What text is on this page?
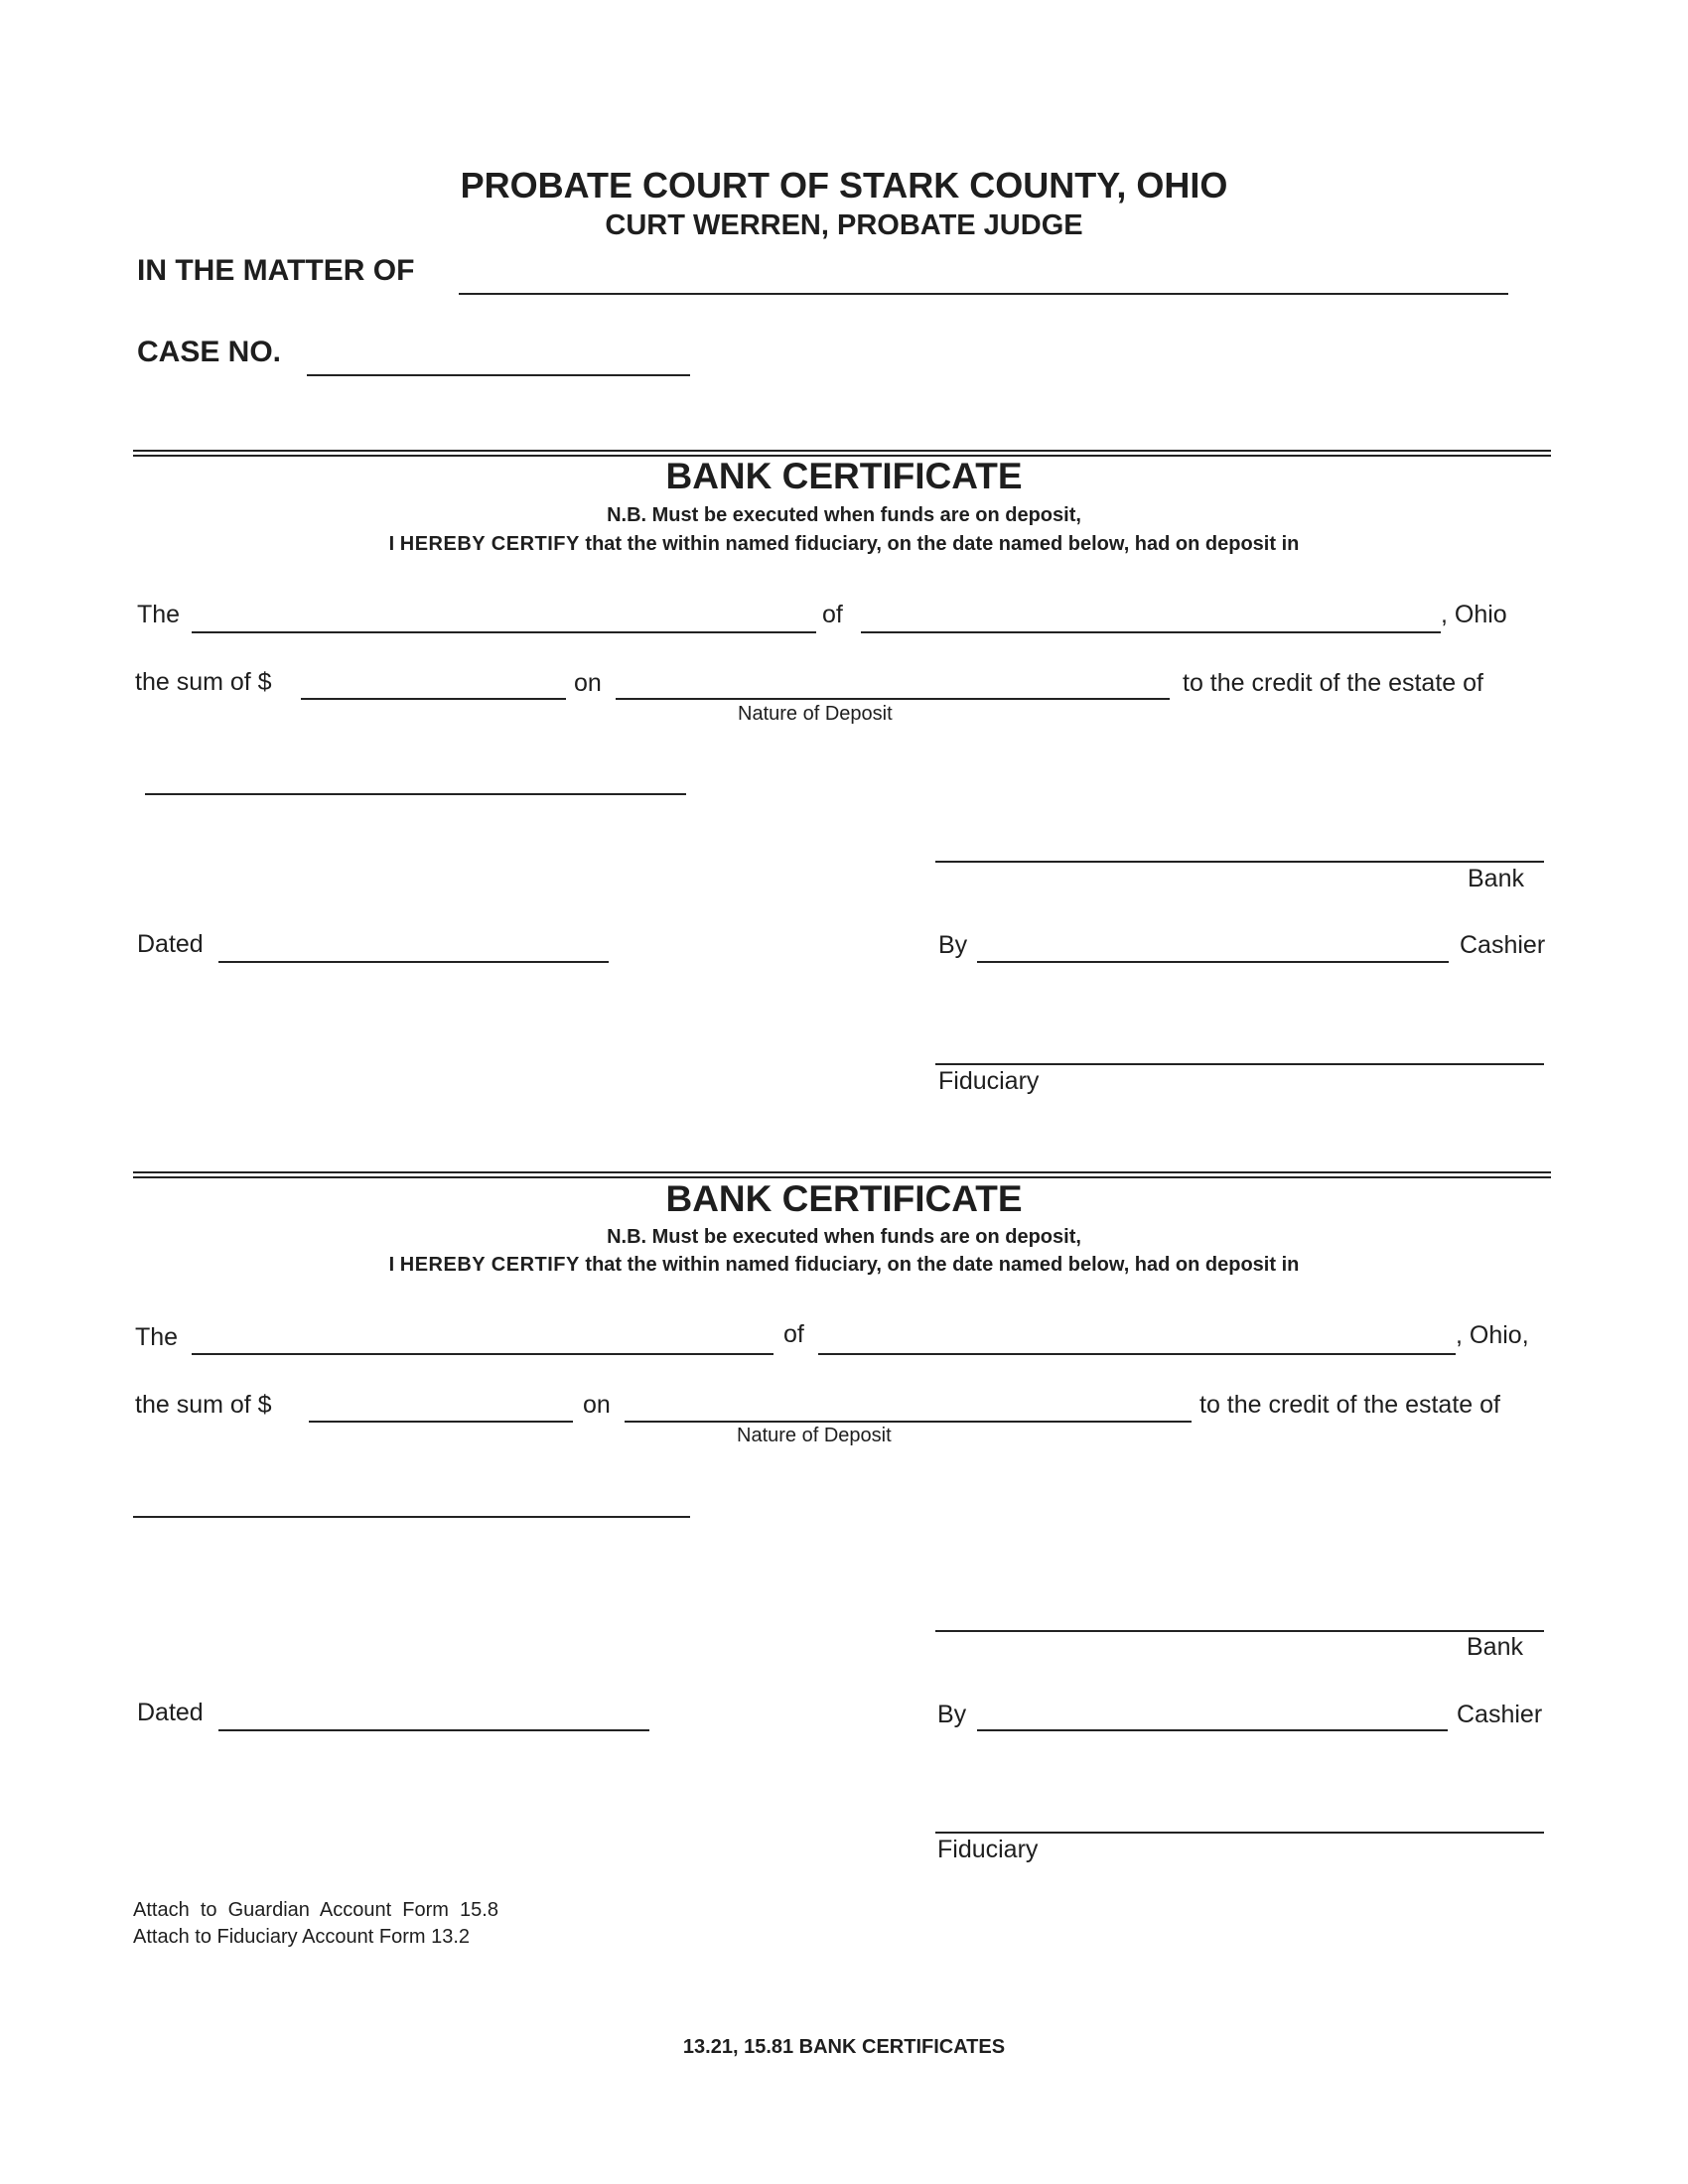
PROBATE COURT OF STARK COUNTY, OHIO
CURT WERREN, PROBATE JUDGE
IN THE MATTER OF
CASE NO.
BANK CERTIFICATE
N.B. Must be executed when funds are on deposit,
I HEREBY CERTIFY that the within named fiduciary, on the date named below, had on deposit in
The	of	, Ohio
the sum of $	on
Nature of Deposit
to the credit of the estate of
Bank
Dated	By	Cashier
Fiduciary
BANK CERTIFICATE
N.B. Must be executed when funds are on deposit,
I HEREBY CERTIFY that the within named fiduciary, on the date named below, had on deposit in
The	of	, Ohio,
the sum of $	on
Nature of Deposit
to the credit of the estate of
Bank
Dated	By	Cashier
Fiduciary
Attach  to  Guardian  Account  Form  15.8
Attach to Fiduciary Account Form 13.2
13.21, 15.81 BANK CERTIFICATES
